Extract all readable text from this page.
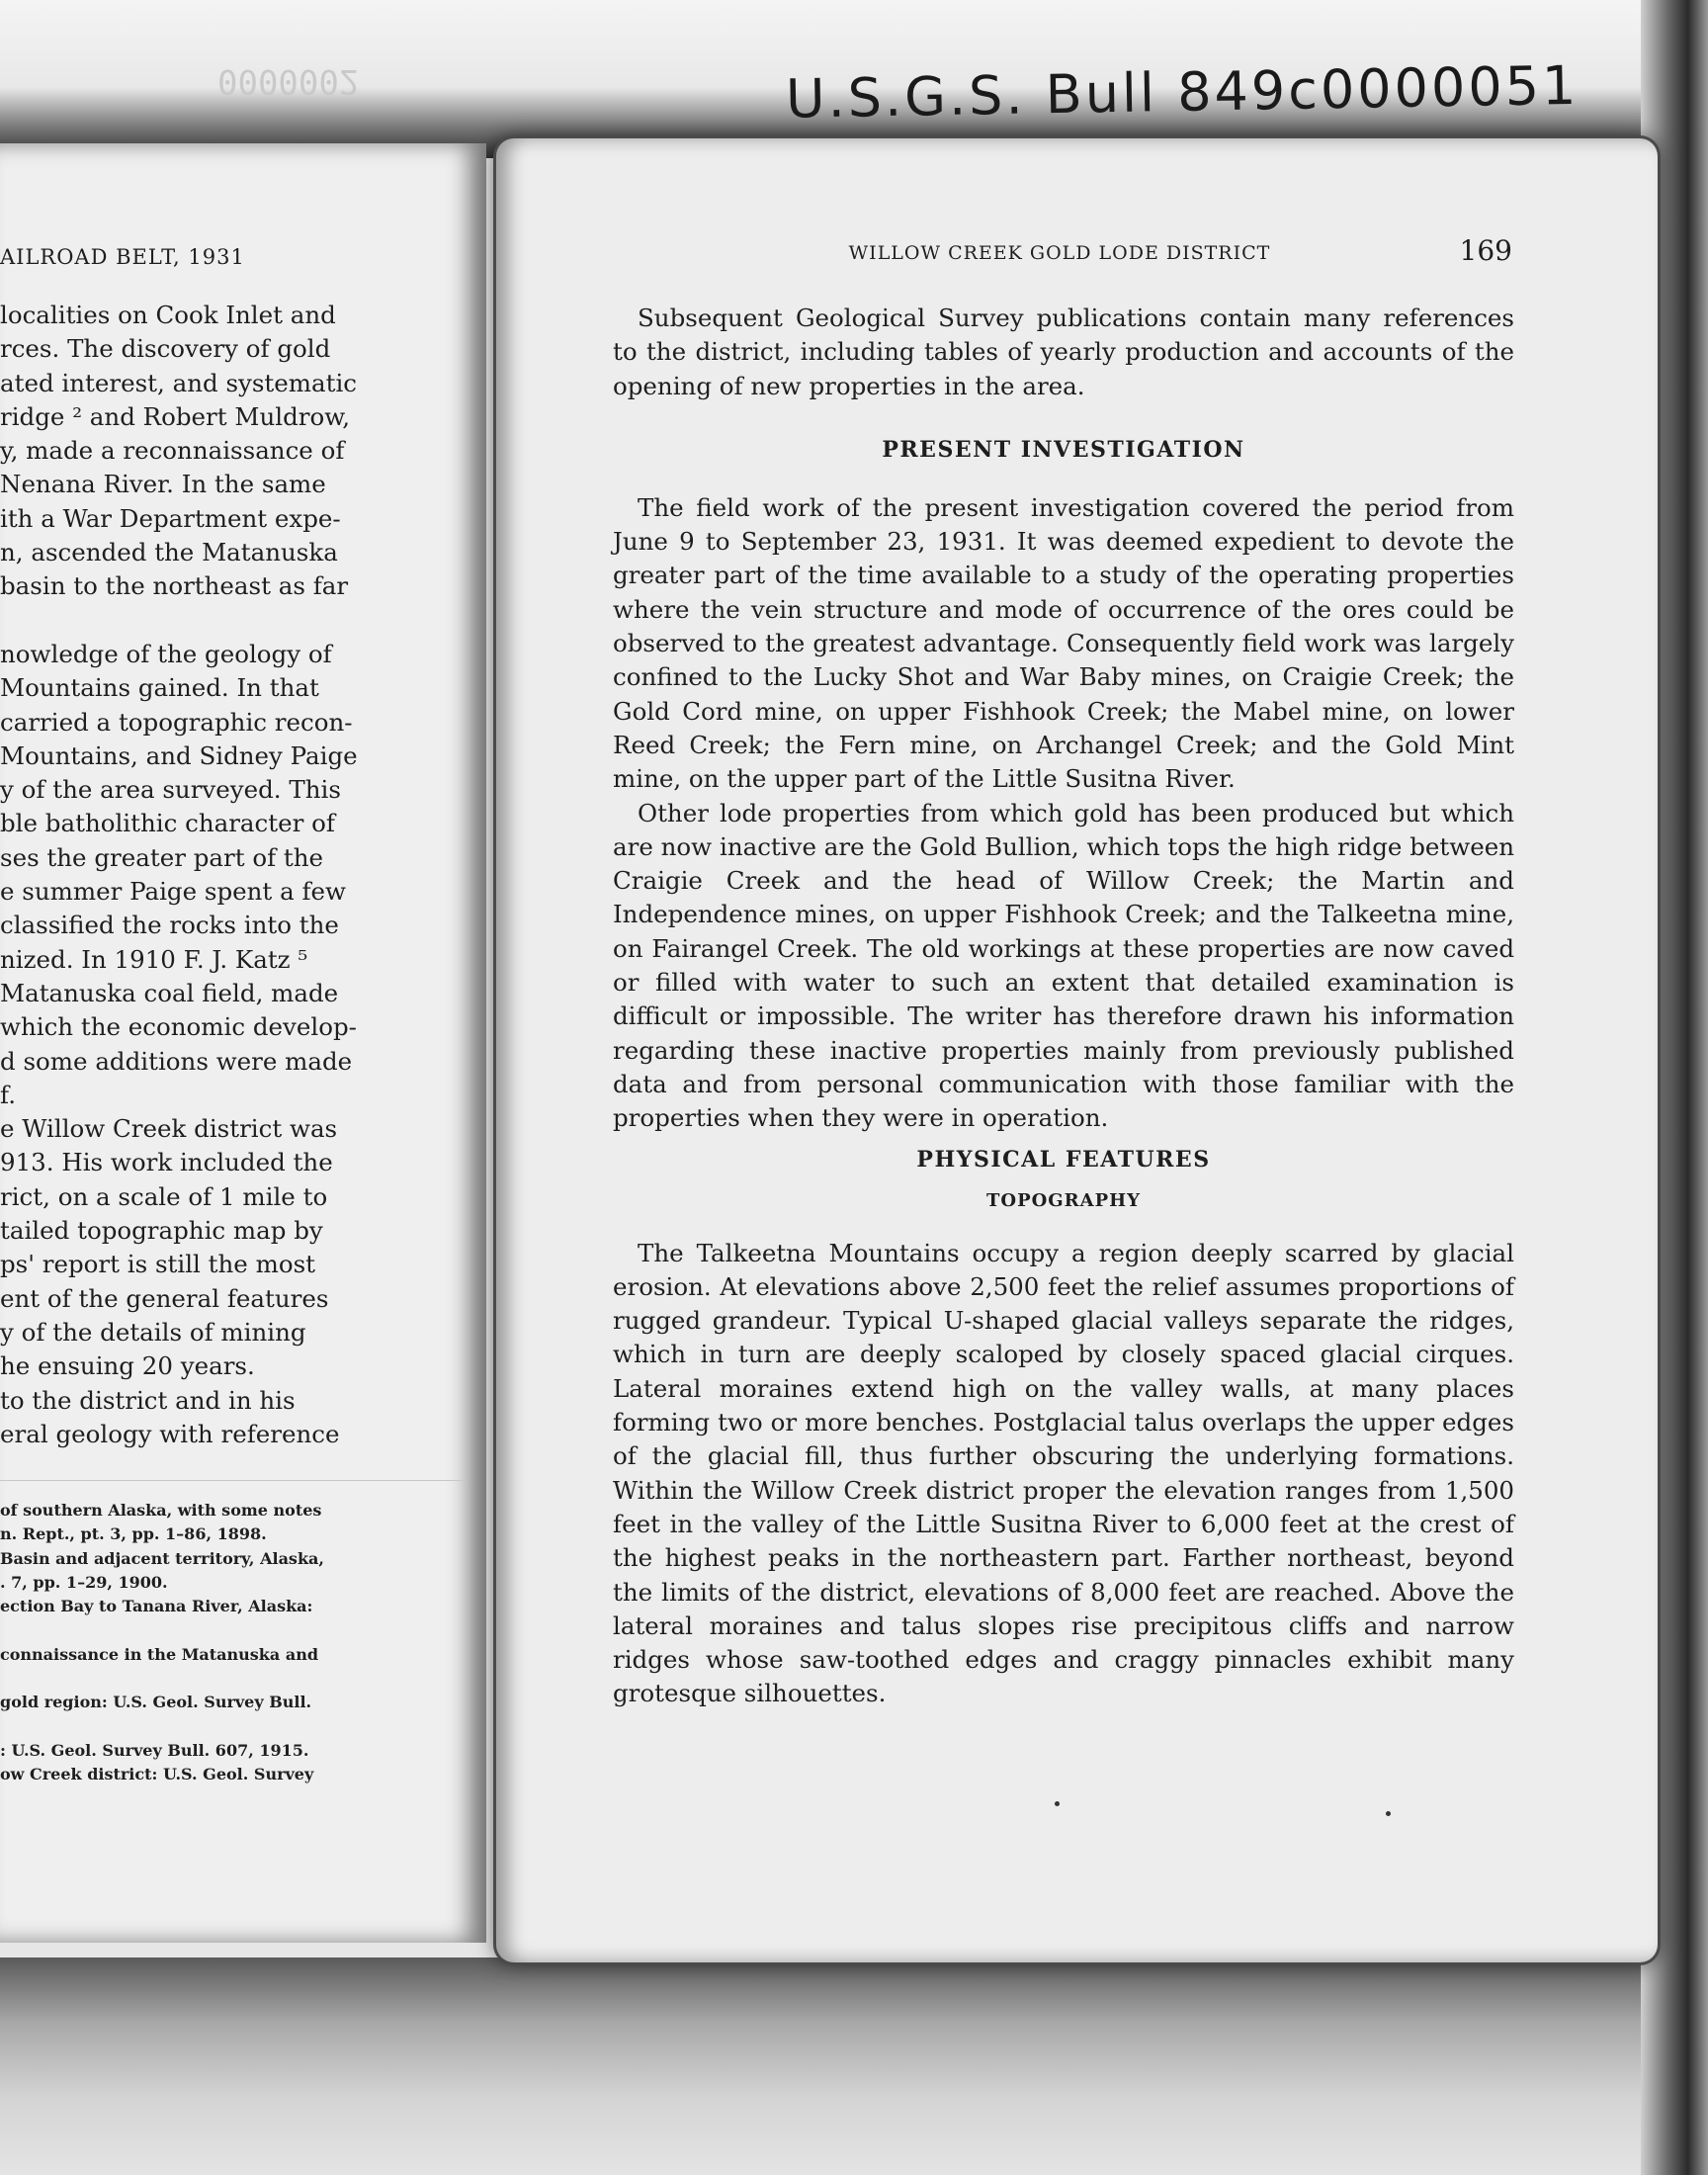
0000002	U.S.G.S. Bull 849c0000051
AILROAD BELT, 1931
localities on Cook Inlet and
rces. The discovery of gold
ated interest, and systematic
ridge ² and Robert Muldrow,
y, made a reconnaissance of
Nenana River. In the same
ith a War Department expe-
n, ascended the Matanuska
basin to the northeast as far
nowledge of the geology of
Mountains gained. In that
carried a topographic recon-
Mountains, and Sidney Paige
y of the area surveyed. This
ble batholithic character of
ses the greater part of the
e summer Paige spent a few
classified the rocks into the
nized. In 1910 F. J. Katz ⁵
Matanuska coal field, made
which the economic develop-
d some additions were made
f.
e Willow Creek district was
913. His work included the
rict, on a scale of 1 mile to
tailed topographic map by
ps' report is still the most
ent of the general features
y of the details of mining
he ensuing 20 years.
to the district and in his
eral geology with reference
of southern Alaska, with some notes
n. Rept., pt. 3, pp. 1–86, 1898.
Basin and adjacent territory, Alaska,
. 7, pp. 1–29, 1900.
ection Bay to Tanana River, Alaska:
connaissance in the Matanuska and
gold region: U.S. Geol. Survey Bull.
: U.S. Geol. Survey Bull. 607, 1915.
ow Creek district: U.S. Geol. Survey
WILLOW CREEK GOLD LODE DISTRICT	169

Subsequent Geological Survey publications contain many references to the district, including tables of yearly production and accounts of the opening of new properties in the area.

PRESENT INVESTIGATION

The field work of the present investigation covered the period from June 9 to September 23, 1931. It was deemed expedient to devote the greater part of the time available to a study of the operating properties where the vein structure and mode of occurrence of the ores could be observed to the greatest advantage. Consequently field work was largely confined to the Lucky Shot and War Baby mines, on Craigie Creek; the Gold Cord mine, on upper Fishhook Creek; the Mabel mine, on lower Reed Creek; the Fern mine, on Archangel Creek; and the Gold Mint mine, on the upper part of the Little Susitna River.

Other lode properties from which gold has been produced but which are now inactive are the Gold Bullion, which tops the high ridge between Craigie Creek and the head of Willow Creek; the Martin and Independence mines, on upper Fishhook Creek; and the Talkeetna mine, on Fairangel Creek. The old workings at these properties are now caved or filled with water to such an extent that detailed examination is difficult or impossible. The writer has therefore drawn his information regarding these inactive properties mainly from previously published data and from personal communication with those familiar with the properties when they were in operation.

PHYSICAL FEATURES

TOPOGRAPHY

The Talkeetna Mountains occupy a region deeply scarred by glacial erosion. At elevations above 2,500 feet the relief assumes proportions of rugged grandeur. Typical U-shaped glacial valleys separate the ridges, which in turn are deeply scaloped by closely spaced glacial cirques. Lateral moraines extend high on the valley walls, at many places forming two or more benches. Postglacial talus overlaps the upper edges of the glacial fill, thus further obscuring the underlying formations. Within the Willow Creek district proper the elevation ranges from 1,500 feet in the valley of the Little Susitna River to 6,000 feet at the crest of the highest peaks in the northeastern part. Farther northeast, beyond the limits of the district, elevations of 8,000 feet are reached. Above the lateral moraines and talus slopes rise precipitous cliffs and narrow ridges whose saw-toothed edges and craggy pinnacles exhibit many grotesque silhouettes.
